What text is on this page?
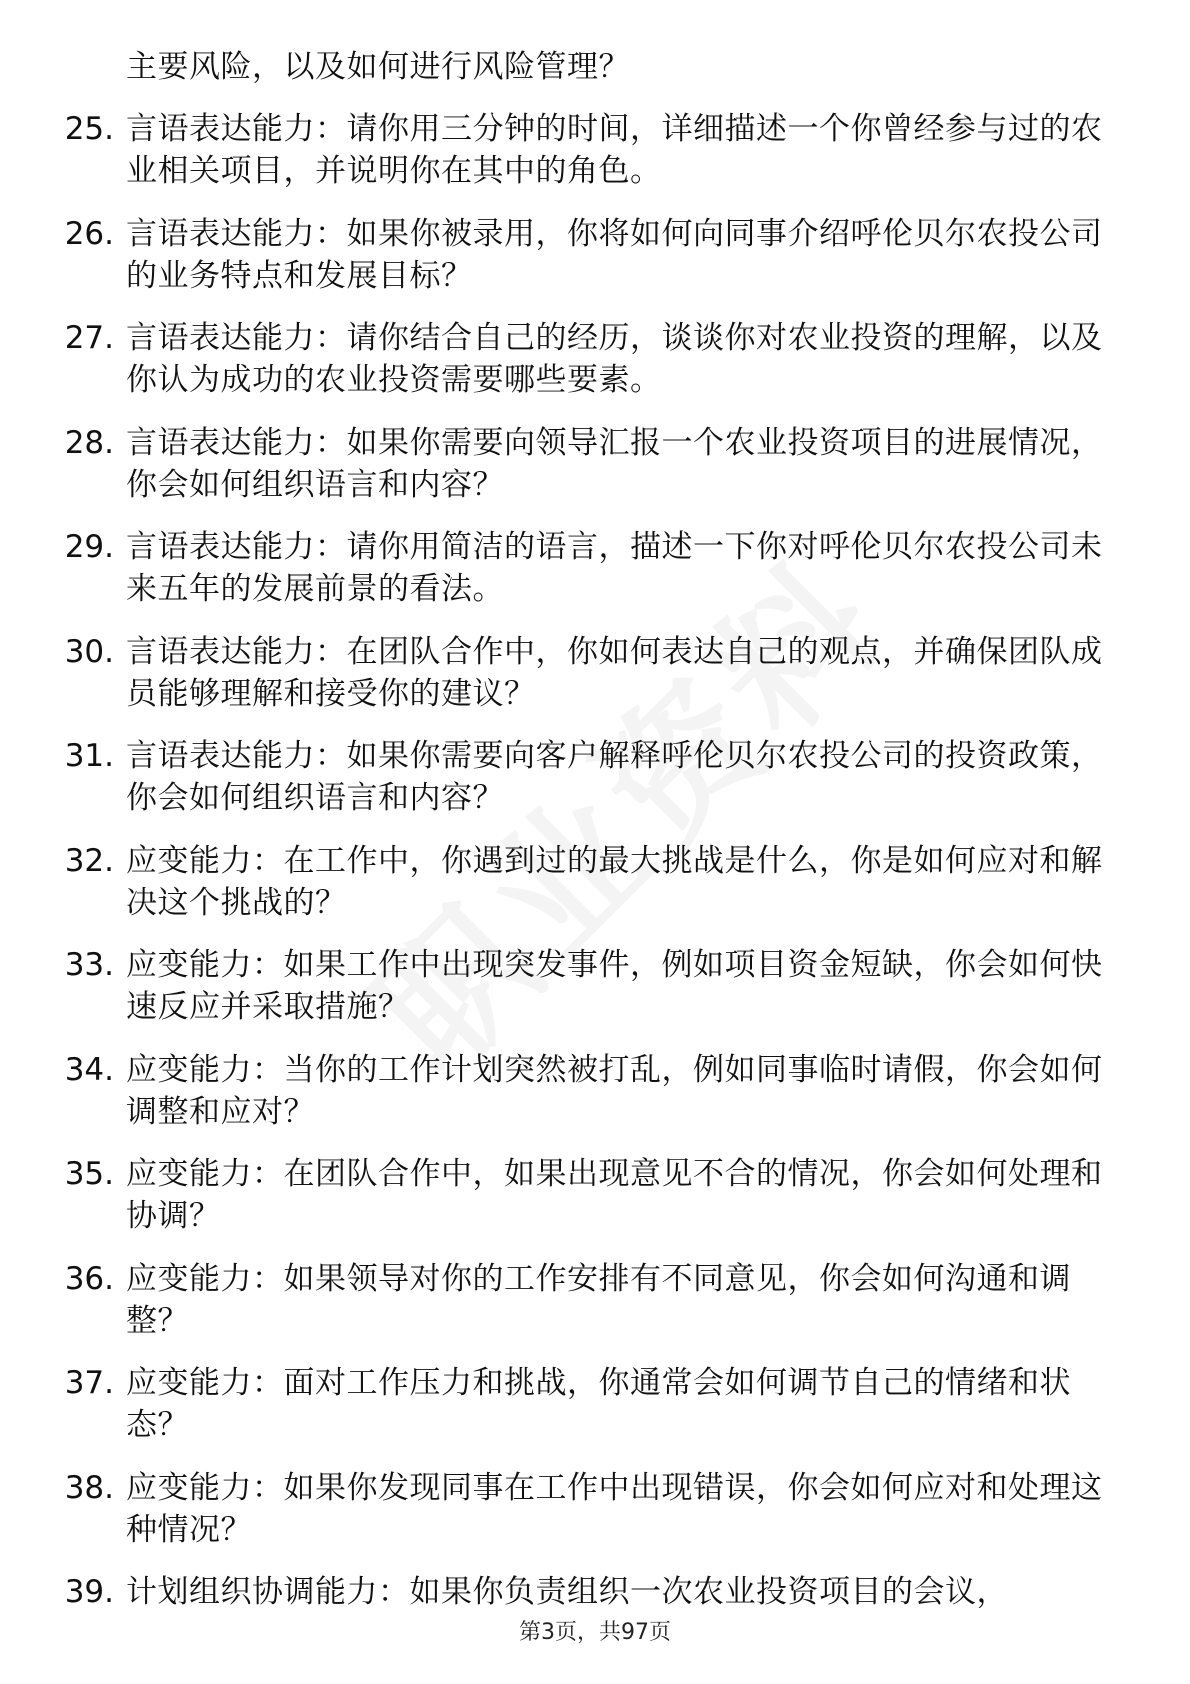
主要风险，以及如何进行风险管理？
25. 言语表达能力：请你用三分钟的时间，详细描述一个你曾经参与过的农业相关项目，并说明你在其中的角色。
26. 言语表达能力：如果你被录用，你将如何向同事介绍呼伦贝尔农投公司的业务特点和发展目标？
27. 言语表达能力：请你结合自己的经历，谈谈你对农业投资的理解，以及你认为成功的农业投资需要哪些要素。
28. 言语表达能力：如果你需要向领导汇报一个农业投资项目的进展情况，你会如何组织语言和内容？
29. 言语表达能力：请你用简洁的语言，描述一下你对呼伦贝尔农投公司未来五年的发展前景的看法。
30. 言语表达能力：在团队合作中，你如何表达自己的观点，并确保团队成员能够理解和接受你的建议？
31. 言语表达能力：如果你需要向客户解释呼伦贝尔农投公司的投资政策，你会如何组织语言和内容？
32. 应变能力：在工作中，你遇到过的最大挑战是什么，你是如何应对和解决这个挑战的？
33. 应变能力：如果工作中出现突发事件，例如项目资金短缺，你会如何快速反应并采取措施？
34. 应变能力：当你的工作计划突然被打乱，例如同事临时请假，你会如何调整和应对？
35. 应变能力：在团队合作中，如果出现意见不合的情况，你会如何处理和协调？
36. 应变能力：如果领导对你的工作安排有不同意见，你会如何沟通和调整？
37. 应变能力：面对工作压力和挑战，你通常会如何调节自己的情绪和状态？
38. 应变能力：如果你发现同事在工作中出现错误，你会如何应对和处理这种情况？
39. 计划组织协调能力：如果你负责组织一次农业投资项目的会议，
第3页，共97页
